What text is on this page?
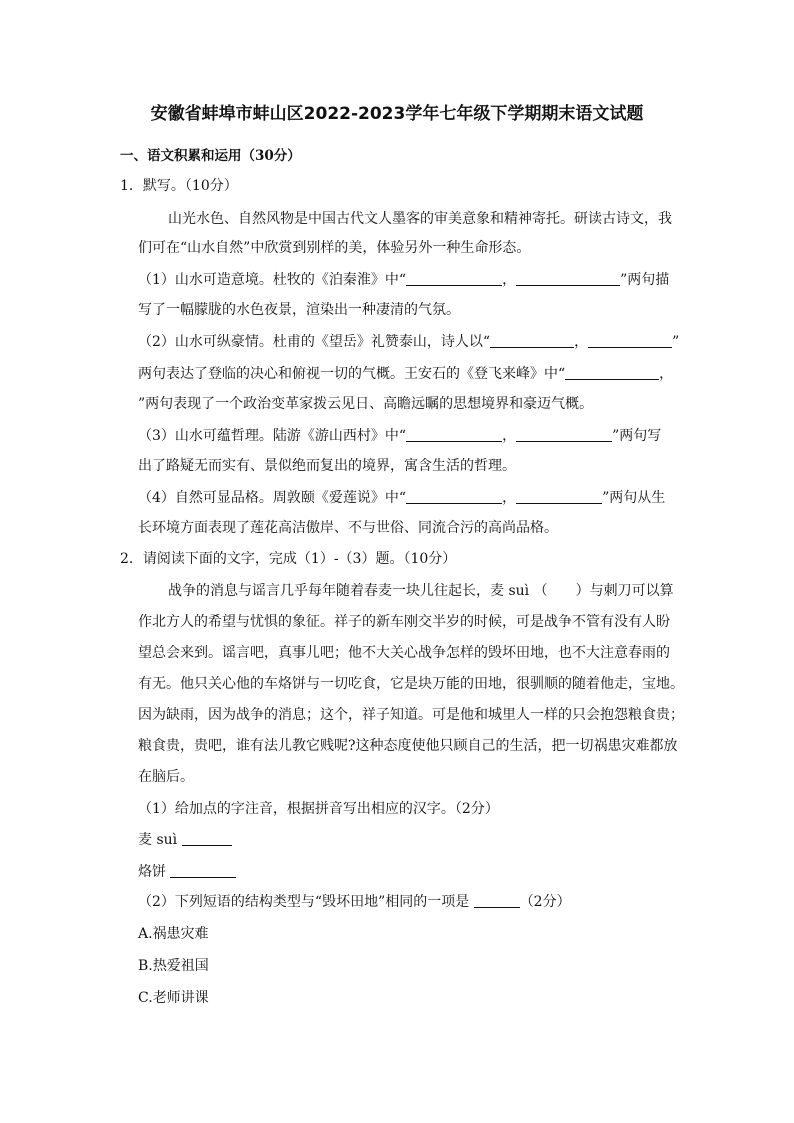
安徽省蚌埠市蚌山区2022-2023学年七年级下学期期末语文试题
一、语文积累和运用（30分）
1．默写。（10分）
山光水色、自然风物是中国古代文人墨客的审美意象和精神寄托。研读古诗文，我
们可在“山水自然”中欣赏到别样的美，体验另外一种生命形态。
（1）山水可造意境。杜牧的《泊秦淮》中“	，	”两句描
写了一幅朦胧的水色夜景，渲染出一种凄清的气氛。
（2）山水可纵豪情。杜甫的《望岳》礼赞泰山，诗人以“	，	”
两句表达了登临的决心和俯视一切的气概。王安石的《登飞来峰》中“	，
”两句表现了一个政治变革家拨云见日、高瞻远瞩的思想境界和豪迈气概。
（3）山水可蕴哲理。陆游《游山西村》中“	，	”两句写
出了路疑无而实有、景似绝而复出的境界，寓含生活的哲理。
（4）自然可显品格。周敦颐《爱莲说》中“	，	”两句从生
长环境方面表现了莲花高洁傲岸、不与世俗、同流合污的高尚品格。
2．请阅读下面的文字，完成（1）-（3）题。（10分）
战争的消息与谣言几乎每年随着春麦一块儿往起长，麦 suì （　　）与刺刀可以算
作北方人的希望与忧惧的象征。祥子的新车刚交半岁的时候，可是战争不管有没有人盼
望总会来到。谣言吧，真事儿吧；他不大关心战争怎样的毁坏田地，也不大注意春雨的
有无。他只关心他的车烙饼与一切吃食，它是块万能的田地，很驯顺的随着他走，宝地。
因为缺雨，因为战争的消息；这个，祥子知道。可是他和城里人一样的只会抱怨粮食贵；
粮食贵，贵吧，谁有法儿教它贱呢?这种态度使他只顾自己的生活，把一切祸患灾难都放
在脑后。
（1）给加点的字注音，根据拼音写出相应的汉字。（2分）
麦 suì
烙饼
（2）下列短语的结构类型与“毁坏田地”相同的一项是	（2分）
A.祸患灾难
B.热爱祖国
C.老师讲课
